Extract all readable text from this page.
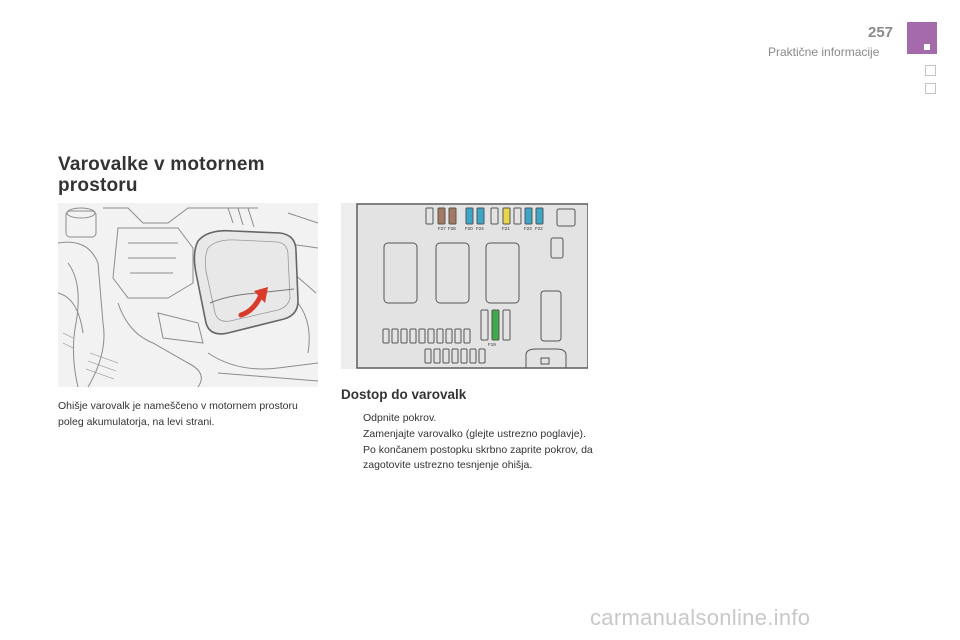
257
Praktične informacije
Varovalke v motornem
prostoru
F27 F28 F20 F24	F21	F23 F22
F19
Ohišje varovalk je nameščeno v motornem prostoru poleg akumulatorja, na levi strani.
Dostop do varovalk
Odpnite pokrov.
Zamenjajte varovalko (glejte ustrezno poglavje).
Po končanem postopku skrbno zaprite pokrov, da zagotovite ustrezno tesnjenje ohišja.
carmanualsonline.info
